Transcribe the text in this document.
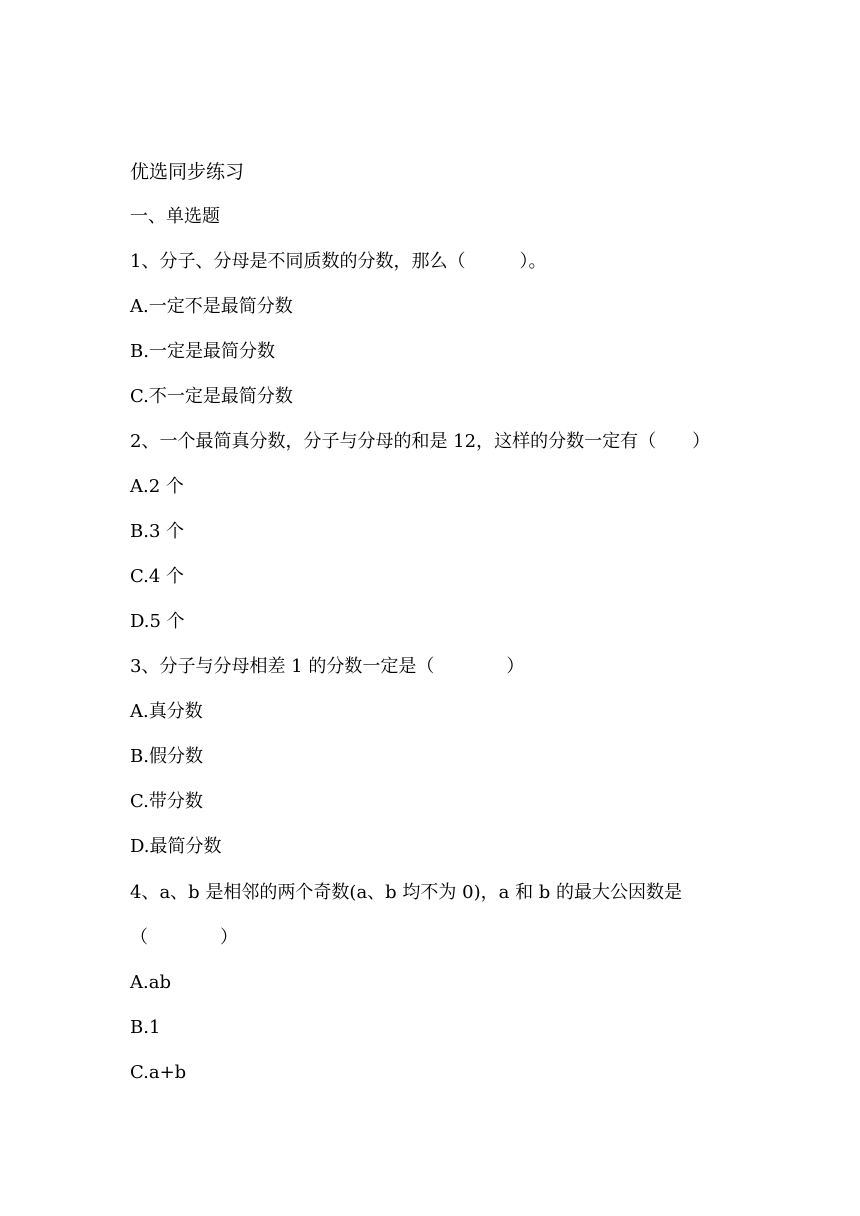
优选同步练习
一、单选题
1、分子、分母是不同质数的分数，那么（　　　）。
A.一定不是最简分数
B.一定是最简分数
C.不一定是最简分数
2、一个最简真分数，分子与分母的和是 12，这样的分数一定有（　　）
A.2 个
B.3 个
C.4 个
D.5 个
3、分子与分母相差 1 的分数一定是（　　　　）
A.真分数
B.假分数
C.带分数
D.最简分数
4、a、b 是相邻的两个奇数(a、b 均不为 0)，a 和 b 的最大公因数是（　　　　）
A.ab
B.1
C.a+b
